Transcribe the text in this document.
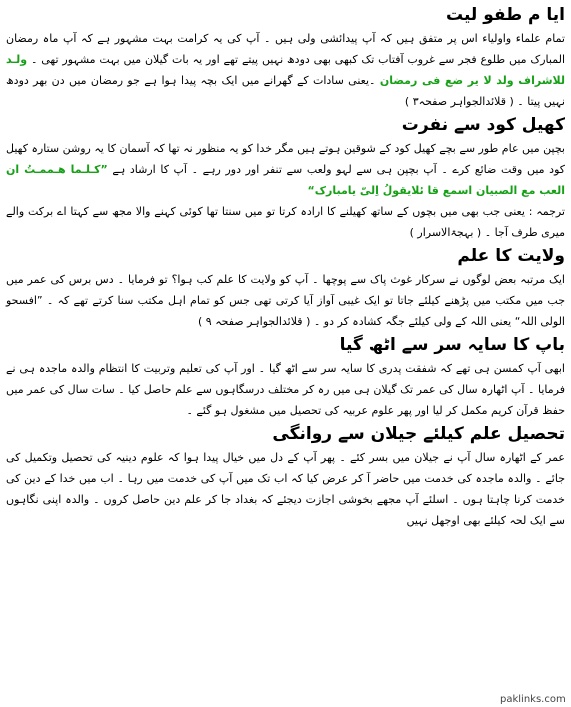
ایا م طفو لیت

تمام علماء واولیاء اس پر متفق ہیں کہ آپ پیدائشی ولی ہیں ۔ آپ کی یہ کرامت بہت مشہور ہے کہ آپ ماہ رمضان المبارک میں طلوع فجر سے غروب آفتاب تک کبھی بھی دودھ نہیں پیتے تھے اور یہ بات گیلان میں بہت مشہور تھی ۔ ولـد للاشراف ولد لا یر ضع فی رمضان ۔یعنی سادات کے گھرانے میں ایک بچہ پیدا ہوا ہے جو رمضان میں دن بھر دودھ نہیں پیتا ۔ ( قلائدالجواہر صفحہ۳ )

کھیل کود سے نفرت

بچپن میں عام طور سے بچے کھیل کود کے شوقین ہوتے ہیں مگر خدا کو یہ منظور نہ تھا کہ آسمان کا یہ روشن ستارہ کھیل کود میں وقت ضائع کرے ۔ آپ بچپن ہی سے لہو ولعب سے تنفر اور دور رہے ۔ آپ کا ارشاد ہے ”کـلـما هـممـتُ ان العب مع الصبيان اسمع قا ئلايقولُ اِلیّ یامبارک“

ترجمہ : یعنی جب بھی میں بچوں کے ساتھ کھیلنے کا ارادہ کرتا تو میں سنتا تھا کوئی کہنے والا مجھ سے کہتا اے برکت والے میری طرف آجا ۔ ( بہجۃالاسرار )

ولایت کا علم

ایک مرتبہ بعض لوگوں نے سرکار غوث پاک سے پوچھا ۔ آپ کو ولایت کا علم کب ہوا؟ تو فرمایا ۔ دس برس کی عمر میں جب میں مکتب میں پڑھنے کیلئے جاتا تو ایک غیبی آواز آیا کرتی تھی جس کو تمام اہل مکتب سنا کرتے تھے کہ ۔ ”افسحو الولی اللہ“ یعنی اللہ کے ولی کیلئے جگہ کشادہ کر دو ۔ ( قلائدالجواہر صفحہ ۹ )

باپ کا سایہ سر سے اٹھ گیا

ابھی آپ کمسن ہی تھے کہ شفقت پدری کا سایہ سر سے اٹھ گیا ۔ اور آپ کی تعلیم وتربیت کا انتظام والدہ ماجدہ ہی نے فرمایا ۔ آپ اٹھارہ سال کی عمر تک گیلان ہی میں رہ کر مختلف درسگاہوں سے علم حاصل کیا ۔ سات سال کی عمر میں حفظ قرآن کریم مکمل کر لیا اور پھر علوم عربیہ کی تحصیل میں مشغول ہو گئے ۔

تحصیل علم کیلئے جیلان سے روانگی

عمر کے اٹھارہ سال آپ نے جیلان میں بسر کئے ۔ پھر آپ کے دل میں خیال پیدا ہوا کہ علوم دینیہ کی تحصیل وتکمیل کی جائے ۔ والدہ ماجدہ کی خدمت میں حاضر آ کر عرض کیا کہ اب تک میں آپ کی خدمت میں رہا ۔ اب میں خدا کے دین کی خدمت کرنا چاہتا ہوں ۔ اسلئے آپ مجھے بخوشی اجازت دیجئے کہ بغداد جا کر علم دین حاصل کروں ۔ والدہ اپنی نگاہوں سے ایک لحہ کیلئے بھی اوجھل نہیں

paklinks.com
